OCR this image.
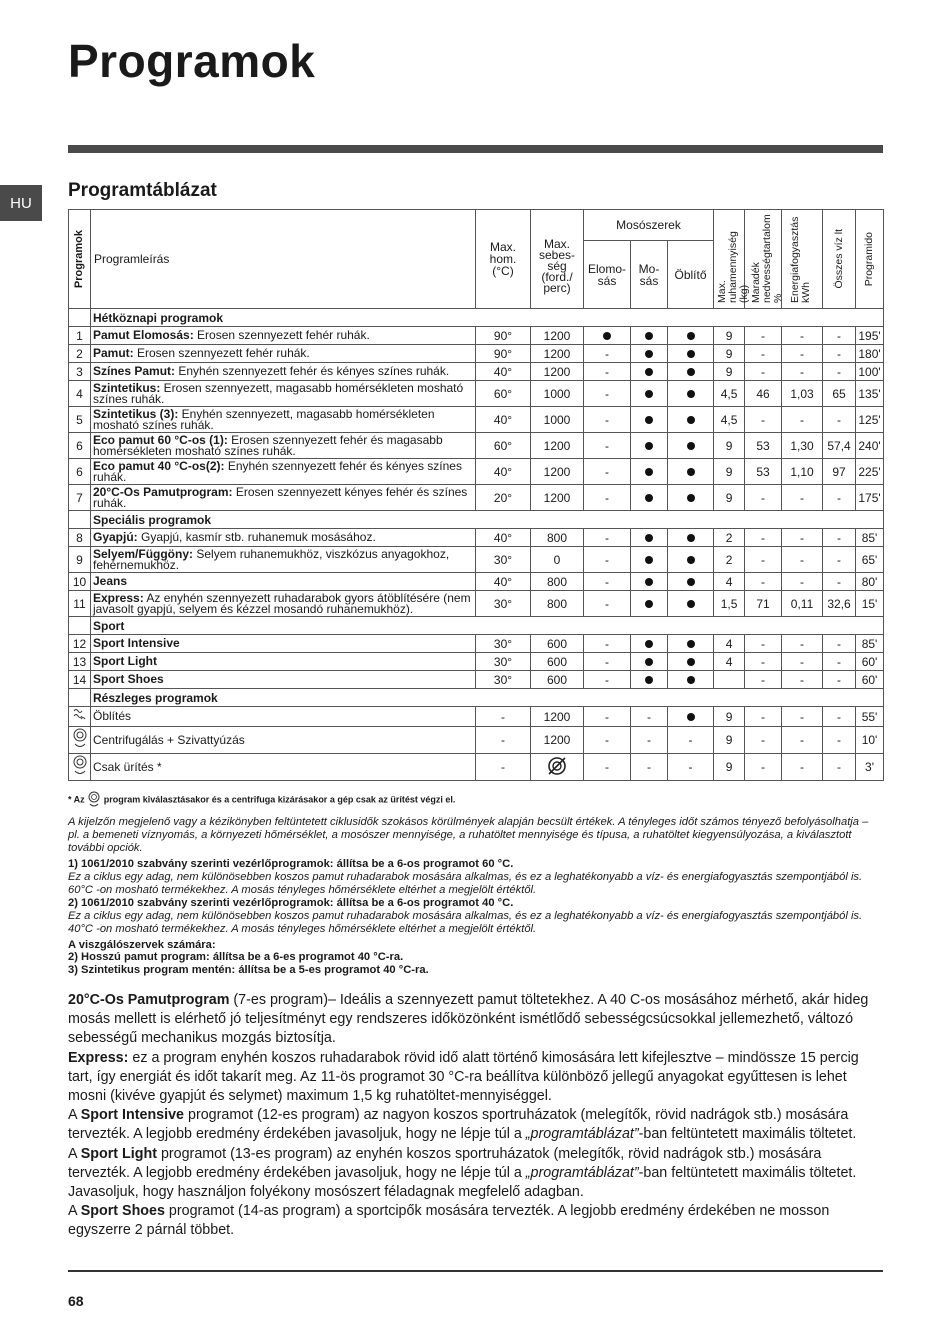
Programok
HU
Programtáblázat
Programok	Programleírás	Max. hom. (°C)	Max. sebes-ség (ford./ perc)	Mosószerek			Max. ruhamennyiség (kg)	Maradék nedvességtartalom %	Energiafogyasztás kWh	Összes víz lt	Programido

				Elomo-sás	Mo-sás	Öblítő					
	Hétköznapi programok										
1	Pamut Elomosás: Erosen szennyezett fehér ruhák.	90°	1200				9	-	-	-	195'
2	Pamut: Erosen szennyezett fehér ruhák.	90°	1200	-			9	-	-	-	180'
3	Színes Pamut: Enyhén szennyezett fehér és kényes színes ruhák.	40°	1200	-			9	-	-	-	100'
4	Szintetikus: Erosen szennyezett, magasabb homérsékleten mosható színes ruhák.	60°	1000	-			4,5	46	1,03	65	135'
5	Szintetikus (3): Enyhén szennyezett, magasabb homérsékleten mosható színes ruhák.	40°	1000	-			4,5	-	-	-	125'
6	Eco pamut 60 °C-os (1): Erosen szennyezett fehér és magasabb homérsékleten mosható színes ruhák.	60°	1200	-			9	53	1,30	57,4	240'
6	Eco pamut 40 °C-os(2): Enyhén szennyezett fehér és kényes színes ruhák.	40°	1200	-			9	53	1,10	97	225'
7	20°C-Os Pamutprogram: Erosen szennyezett kényes fehér és színes ruhák.	20°	1200	-			9	-	-	-	175'
	Speciális programok										
8	Gyapjú: Gyapjú, kasmír stb. ruhanemuk mosásához.	40°	800	-			2	-	-	-	85'
9	Selyem/Függöny: Selyem ruhanemukhöz, viszkózus anyagokhoz, fehérnemukhöz.	30°	0	-			2	-	-	-	65'
10	Jeans	40°	800	-			4	-	-	-	80'
11	Express: Az enyhén szennyezett ruhadarabok gyors átöblítésére (nem javasolt gyapjú, selyem és kézzel mosandó ruhanemukhöz).	30°	800	-			1,5	71	0,11	32,6	15'
	Sport										
12	Sport Intensive	30°	600	-			4	-	-	-	85'
13	Sport Light	30°	600	-			4	-	-	-	60'
14	Sport Shoes	30°	600	-				-	-	-	60'
	Részleges programok										
	Öblítés	-	1200	-	-		9	-	-	-	55'
	Centrifugálás + Szivattyúzás	-	1200	-	-	-	9	-	-	-	10'
	Csak ürítés *	-		-	-	-	9	-	-	-	3'
* Az program kiválasztásakor és a centrifuga kizárásakor a gép csak az ürítést végzi el.
A kijelzőn megjelenő vagy a kézikönyben feltüntetett ciklusidők szokásos körülmények alapján becsült értékek. A tényleges időt számos tényező befolyásolhatja – pl. a bemeneti víznyomás, a környezeti hőmérséklet, a mosószer mennyisége, a ruhatöltet mennyisége és típusa, a ruhatöltet kiegyensúlyozása, a kiválasztott további opciók.
1) 1061/2010 szabvány szerinti vezérlőprogramok: állítsa be a 6-os programot 60 °C.
Ez a ciklus egy adag, nem különösebben koszos pamut ruhadarabok mosására alkalmas, és ez a leghatékonyabb a víz- és energiafogyasztás szempontjából is. 60°C -on mosható termékekhez. A mosás tényleges hőmérséklete eltérhet a megjelölt értéktől.
2) 1061/2010 szabvány szerinti vezérlőprogramok: állítsa be a 6-os programot 40 °C.
Ez a ciklus egy adag, nem különösebben koszos pamut ruhadarabok mosására alkalmas, és ez a leghatékonyabb a víz- és energiafogyasztás szempontjából is. 40°C -on mosható termékekhez. A mosás tényleges hőmérséklete eltérhet a megjelölt értéktől.
A viszgálószervek számára:
2) Hosszú pamut program: állítsa be a 6-es programot 40 °C-ra.
3) Szintetikus program mentén: állítsa be a 5-es programot 40 °C-ra.
20°C-Os Pamutprogram (7-es program)– Ideális a szennyezett pamut töltetekhez. A 40 C-os mosásához mérhető, akár hideg mosás mellett is elérhető jó teljesítményt egy rendszeres időközönként ismétlődő sebességcsúcsokkal jellemezhető, változó sebességű mechanikus mozgás biztosítja.
Express: ez a program enyhén koszos ruhadarabok rövid idő alatt történő kimosására lett kifejlesztve – mindössze 15 percig tart, így energiát és időt takarít meg. Az 11-ös programot 30 °C-ra beállítva különböző jellegű anyagokat egyűttesen is lehet mosni (kivéve gyapjút és selymet) maximum 1,5 kg ruhatöltet-mennyiséggel.
A Sport Intensive programot (12-es program) az nagyon koszos sportruházatok (melegítők, rövid nadrágok stb.) mosására tervezték. A legjobb eredmény érdekében javasoljuk, hogy ne lépje túl a „programtáblázat”-ban feltüntetett maximális töltetet.
A Sport Light programot (13-es program) az enyhén koszos sportruházatok (melegítők, rövid nadrágok stb.) mosására tervezték. A legjobb eredmény érdekében javasoljuk, hogy ne lépje túl a „programtáblázat”-ban feltüntetett maximális töltetet. Javasoljuk, hogy használjon folyékony mosószert féladagnak megfelelő adagban.
A Sport Shoes programot (14-as program) a sportcipők mosására tervezték. A legjobb eredmény érdekében ne mosson egyszerre 2 párnál többet.
68
